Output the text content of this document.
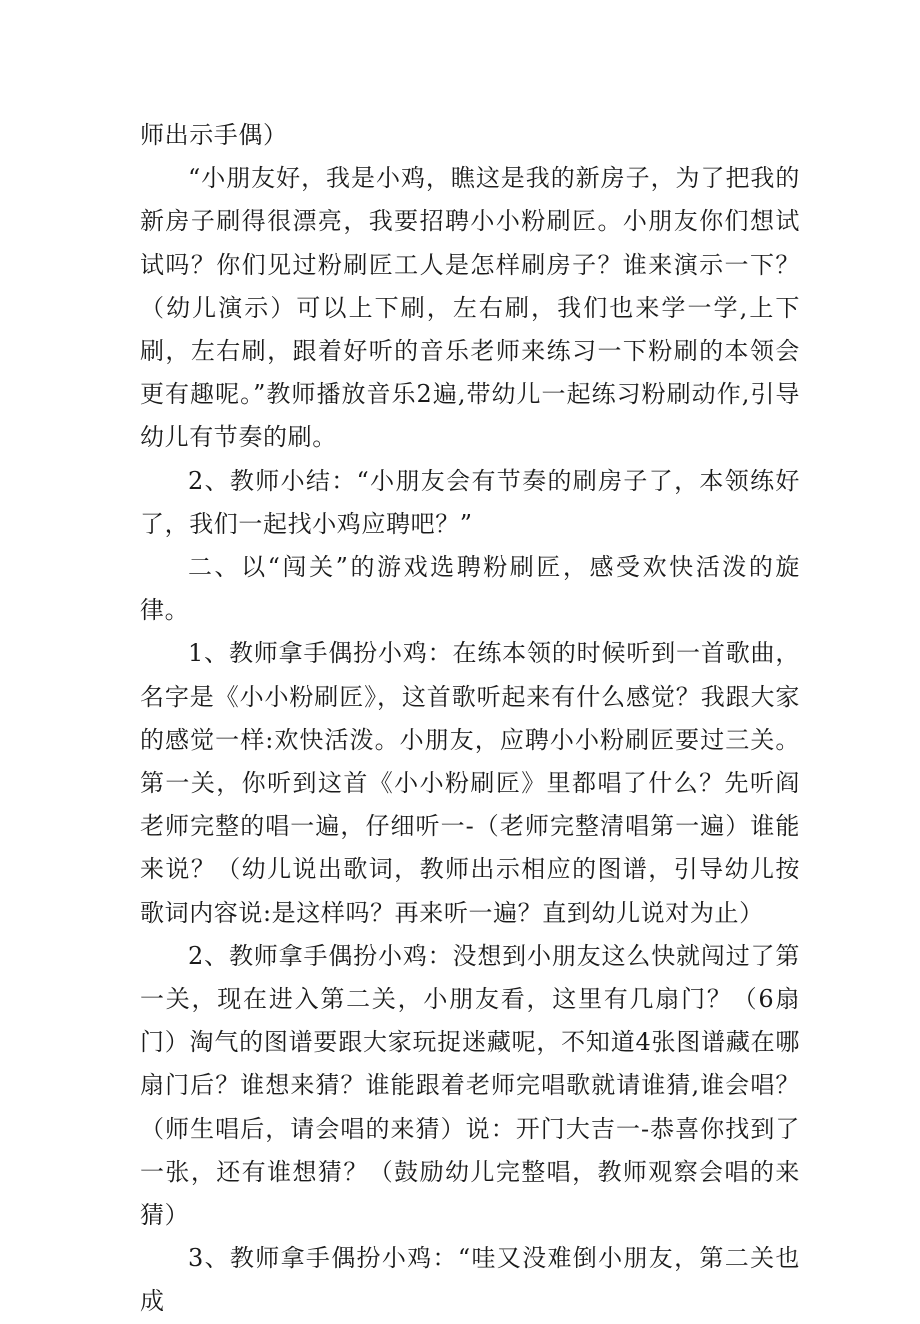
师出示手偶）

“小朋友好，我是小鸡，瞧这是我的新房子，为了把我的新房子刷得很漂亮，我要招聘小小粉刷匠。小朋友你们想试试吗？你们见过粉刷匠工人是怎样刷房子？谁来演示一下？（幼儿演示）可以上下刷，左右刷，我们也来学一学,上下刷，左右刷，跟着好听的音乐老师来练习一下粉刷的本领会更有趣呢。”教师播放音乐2遍,带幼儿一起练习粉刷动作,引导幼儿有节奏的刷。

2、教师小结：“小朋友会有节奏的刷房子了，本领练好了，我们一起找小鸡应聘吧？”

二、以“闯关”的游戏选聘粉刷匠，感受欢快活泼的旋律。

1、教师拿手偶扮小鸡：在练本领的时候听到一首歌曲，名字是《小小粉刷匠》，这首歌听起来有什么感觉？我跟大家的感觉一样:欢快活泼。小朋友，应聘小小粉刷匠要过三关。第一关，你听到这首《小小粉刷匠》里都唱了什么？先听阎老师完整的唱一遍，仔细听一-（老师完整清唱第一遍）谁能来说？（幼儿说出歌词，教师出示相应的图谱，引导幼儿按歌词内容说:是这样吗？再来听一遍？直到幼儿说对为止）

2、教师拿手偶扮小鸡：没想到小朋友这么快就闯过了第一关，现在进入第二关，小朋友看，这里有几扇门？（6扇门）淘气的图谱要跟大家玩捉迷藏呢，不知道4张图谱藏在哪扇门后？谁想来猜？谁能跟着老师完唱歌就请谁猜,谁会唱？（师生唱后，请会唱的来猜）说：开门大吉一-恭喜你找到了一张，还有谁想猜？（鼓励幼儿完整唱，教师观察会唱的来猜）

3、教师拿手偶扮小鸡：“哇又没难倒小朋友，第二关也成
